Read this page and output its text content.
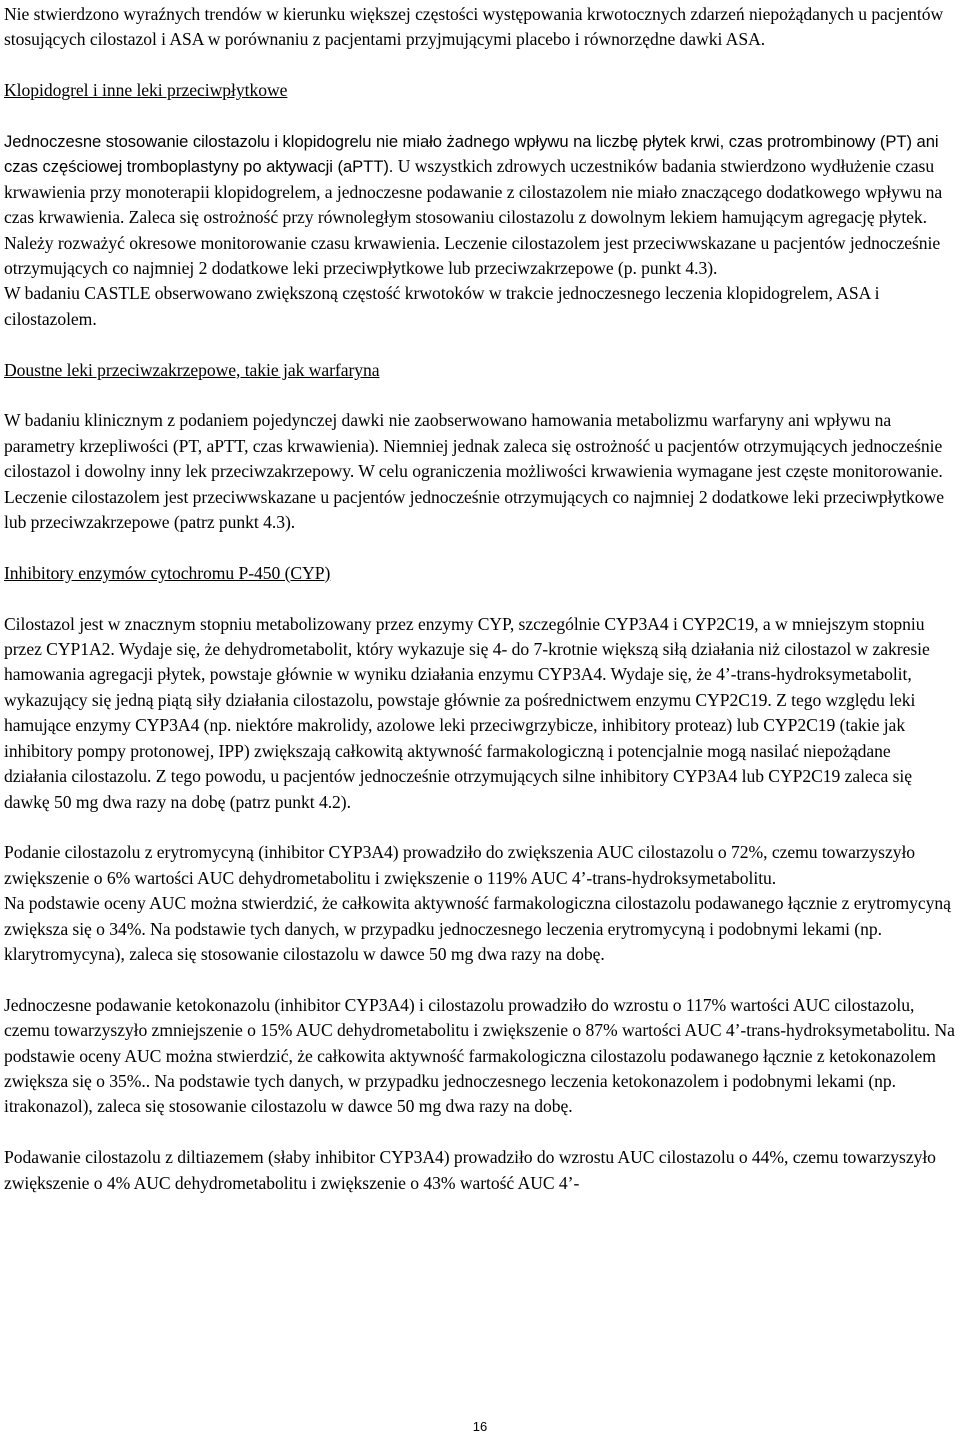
Nie stwierdzono wyraźnych trendów w kierunku większej częstości występowania krwotocznych zdarzeń niepożądanych u pacjentów stosujących cilostazol i ASA w porównaniu z pacjentami przyjmującymi placebo i równorzędne dawki ASA.

Klopidogrel i inne leki przeciwpłytkowe

Jednoczesne stosowanie cilostazolu i klopidogrelu nie miało żadnego wpływu na liczbę płytek krwi, czas protrombinowy (PT) ani czas częściowej tromboplastyny po aktywacji (aPTT). U wszystkich zdrowych uczestników badania stwierdzono wydłużenie czasu krwawienia przy monoterapii klopidogrelem, a jednoczesne podawanie z cilostazolem nie miało znaczącego dodatkowego wpływu na czas krwawienia. Zaleca się ostrożność przy równoległym stosowaniu cilostazolu z dowolnym lekiem hamującym agregację płytek. Należy rozważyć okresowe monitorowanie czasu krwawienia. Leczenie cilostazolem jest przeciwwskazane u pacjentów jednocześnie otrzymujących co najmniej 2 dodatkowe leki przeciwpłytkowe lub przeciwzakrzepowe (p. punkt 4.3).

W badaniu CASTLE obserwowano zwiększoną częstość krwotoków w trakcie jednoczesnego leczenia klopidogrelem, ASA i cilostazolem.

Doustne leki przeciwzakrzepowe, takie jak warfaryna

W badaniu klinicznym z podaniem pojedynczej dawki nie zaobserwowano hamowania metabolizmu warfaryny ani wpływu na parametry krzepliwości (PT, aPTT, czas krwawienia). Niemniej jednak zaleca się ostrożność u pacjentów otrzymujących jednocześnie cilostazol i dowolny inny lek przeciwzakrzepowy. W celu ograniczenia możliwości krwawienia wymagane jest częste monitorowanie.

Leczenie cilostazolem jest przeciwwskazane u pacjentów jednocześnie otrzymujących co najmniej 2 dodatkowe leki przeciwpłytkowe lub przeciwzakrzepowe (patrz punkt 4.3).

Inhibitory enzymów cytochromu P-450 (CYP)

Cilostazol jest w znacznym stopniu metabolizowany przez enzymy CYP, szczególnie CYP3A4 i CYP2C19, a w mniejszym stopniu przez CYP1A2. Wydaje się, że dehydrometabolit, który wykazuje się 4- do 7-krotnie większą siłą działania niż cilostazol w zakresie hamowania agregacji płytek, powstaje głównie w wyniku działania enzymu CYP3A4. Wydaje się, że 4’-trans-hydroksymetabolit, wykazujący się jedną piątą siły działania cilostazolu, powstaje głównie za pośrednictwem enzymu CYP2C19. Z tego względu leki hamujące enzymy CYP3A4 (np. niektóre makrolidy, azolowe leki przeciwgrzybicze, inhibitory proteaz) lub CYP2C19 (takie jak inhibitory pompy protonowej, IPP) zwiększają całkowitą aktywność farmakologiczną i potencjalnie mogą nasilać niepożądane działania cilostazolu. Z tego powodu, u pacjentów jednocześnie otrzymujących silne inhibitory CYP3A4 lub CYP2C19 zaleca się dawkę 50 mg dwa razy na dobę (patrz punkt 4.2).

Podanie cilostazolu z erytromycyną (inhibitor CYP3A4) prowadziło do zwiększenia AUC cilostazolu o 72%, czemu towarzyszyło zwiększenie o 6% wartości AUC dehydrometabolitu i zwiększenie o 119% AUC 4’-trans-hydroksymetabolitu.

Na podstawie oceny AUC można stwierdzić, że całkowita aktywność farmakologiczna cilostazolu podawanego łącznie z erytromycyną zwiększa się o 34%. Na podstawie tych danych, w przypadku jednoczesnego leczenia erytromycyną i podobnymi lekami (np. klarytromycyna), zaleca się stosowanie cilostazolu w dawce 50 mg dwa razy na dobę.

Jednoczesne podawanie ketokonazolu (inhibitor CYP3A4) i cilostazolu prowadziło do wzrostu o 117% wartości AUC cilostazolu, czemu towarzyszyło zmniejszenie o 15% AUC dehydrometabolitu i zwiększenie o 87% wartości AUC 4’-trans-hydroksymetabolitu. Na podstawie oceny AUC można stwierdzić, że całkowita aktywność farmakologiczna cilostazolu podawanego łącznie z ketokonazolem zwiększa się o 35%.. Na podstawie tych danych, w przypadku jednoczesnego leczenia ketokonazolem i podobnymi lekami (np. itrakonazol), zaleca się stosowanie cilostazolu w dawce 50 mg dwa razy na dobę.

Podawanie cilostazolu z diltiazemem (słaby inhibitor CYP3A4) prowadziło do wzrostu AUC cilostazolu o 44%, czemu towarzyszyło zwiększenie o 4% AUC dehydrometabolitu i zwiększenie o 43% wartość AUC 4’-

16
